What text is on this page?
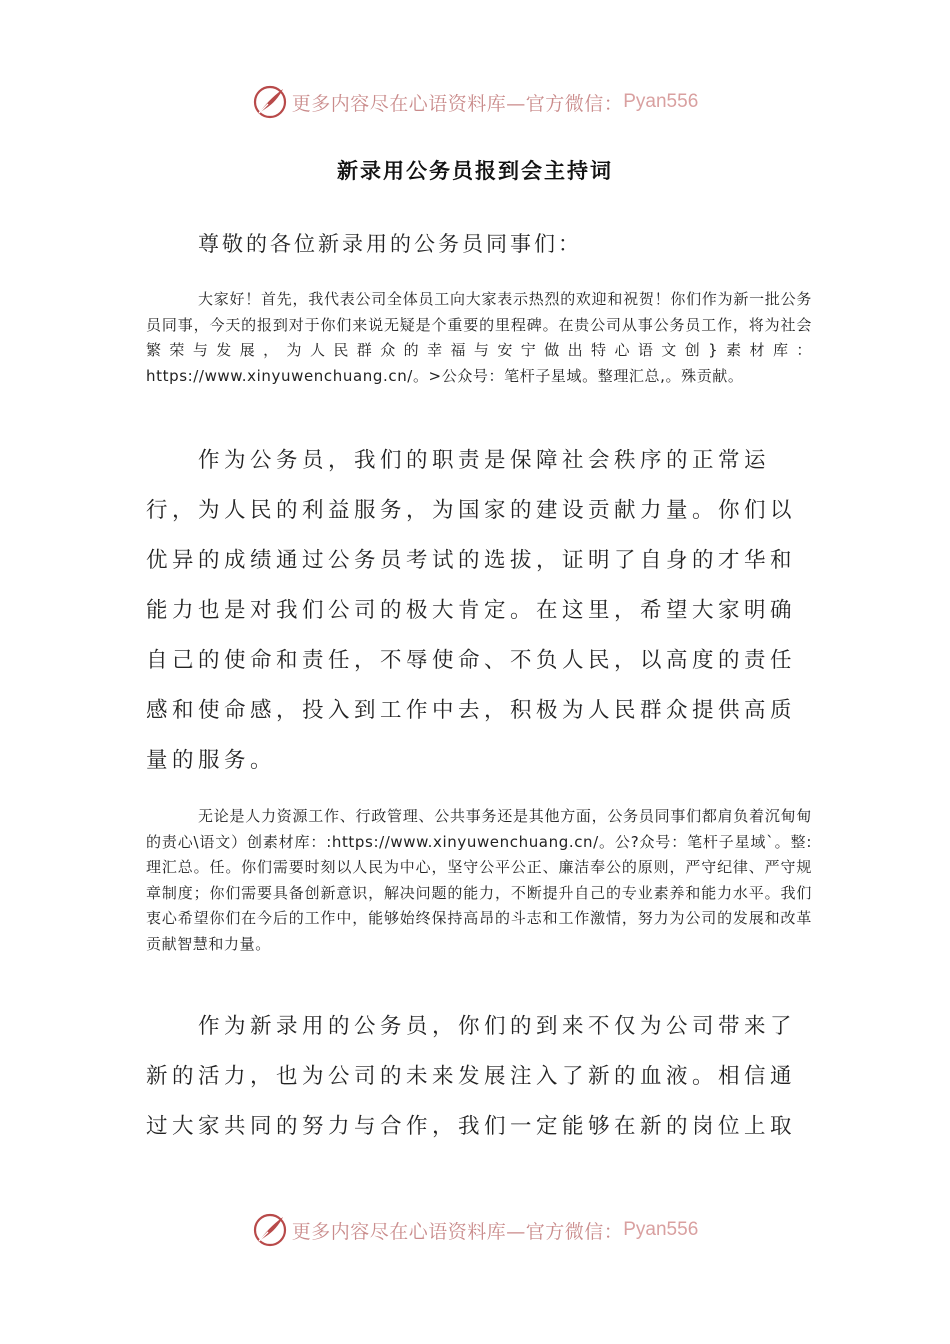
更多内容尽在心语资料库—官方微信： Pyan556
新录用公务员报到会主持词
尊敬的各位新录用的公务员同事们：
大家好！首先，我代表公司全体员工向大家表示热烈的欢迎和祝贺！你们作为新一批公务员同事，今天的报到对于你们来说无疑是个重要的里程碑。在贵公司从事公务员工作，将为社会繁荣与发展，为人民群众的幸福与安宁做出特心语文创}素材库：https://www.xinyuwenchuang.cn/。>公众号：笔杆子星域。整理汇总,。殊贡献。
作为公务员，我们的职责是保障社会秩序的正常运行，为人民的利益服务，为国家的建设贡献力量。你们以优异的成绩通过公务员考试的选拔，证明了自身的才华和能力也是对我们公司的极大肯定。在这里，希望大家明确自己的使命和责任，不辱使命、不负人民，以高度的责任感和使命感，投入到工作中去，积极为人民群众提供高质量的服务。
无论是人力资源工作、行政管理、公共事务还是其他方面，公务员同事们都肩负着沉甸甸的责心\语文）创素材库：:https://www.xinyuwenchuang.cn/。公?众号：笔杆子星域`。整:理汇总。任。你们需要时刻以人民为中心，坚守公平公正、廉洁奉公的原则，严守纪律、严守规章制度；你们需要具备创新意识，解决问题的能力，不断提升自己的专业素养和能力水平。我们衷心希望你们在今后的工作中，能够始终保持高昂的斗志和工作激情，努力为公司的发展和改革贡献智慧和力量。
作为新录用的公务员，你们的到来不仅为公司带来了新的活力，也为公司的未来发展注入了新的血液。相信通过大家共同的努力与合作，我们一定能够在新的岗位上取
更多内容尽在心语资料库—官方微信： Pyan556
